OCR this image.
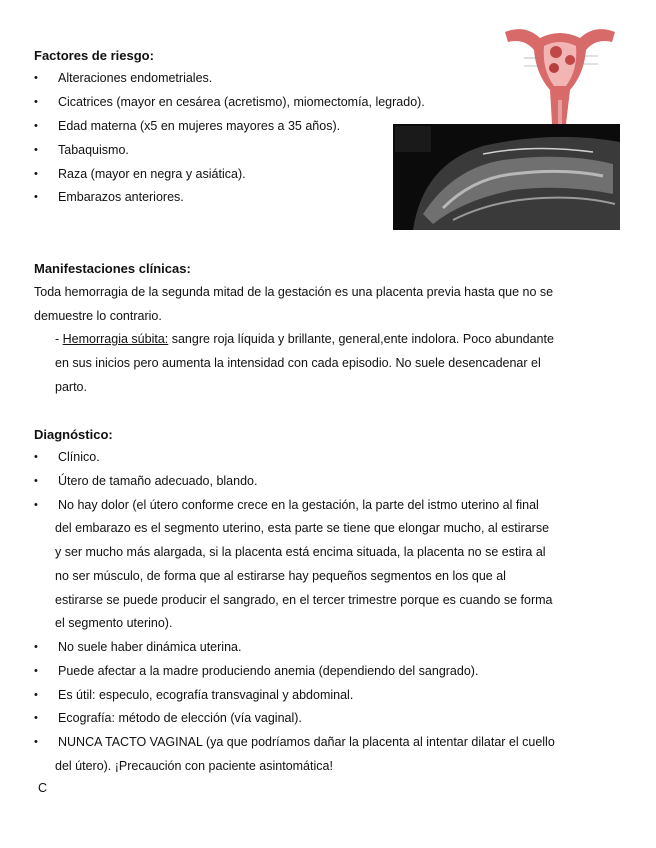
Factores de riesgo:
• Alteraciones endometriales.
• Cicatrices (mayor en cesárea (acretismo), miomectomía, legrado).
• Edad materna (x5 en mujeres mayores a 35 años).
• Tabaquismo.
• Raza (mayor en negra y asiática).
• Embarazos anteriores.
Manifestaciones clínicas:
Toda hemorragia de la segunda mitad de la gestación es una placenta previa hasta que no se
demuestre lo contrario.
- Hemorragia súbita: sangre roja líquida y brillante, general,ente indolora. Poco abundante
en sus inicios pero aumenta la intensidad con cada episodio. No suele desencadenar el
parto.
Diagnóstico:
• Clínico.
• Útero de tamaño adecuado, blando.
• No hay dolor (el útero conforme crece en la gestación, la parte del istmo uterino al final
del embarazo es el segmento uterino, esta parte se tiene que elongar mucho, al estirarse
y ser mucho más alargada, si la placenta está encima situada, la placenta no se estira al
no ser músculo, de forma que al estirarse hay pequeños segmentos en los que al
estirarse se puede producir el sangrado, en el tercer trimestre porque es cuando se forma
el segmento uterino).
• No suele haber dinámica uterina.
• Puede afectar a la madre produciendo anemia (dependiendo del sangrado).
• Es útil: especulo, ecografía transvaginal y abdominal.
• Ecografía: método de elección (vía vaginal).
• NUNCA TACTO VAGINAL (ya que podríamos dañar la placenta al intentar dilatar el cuello
del útero). ¡Precaución con paciente asintomática!
C
